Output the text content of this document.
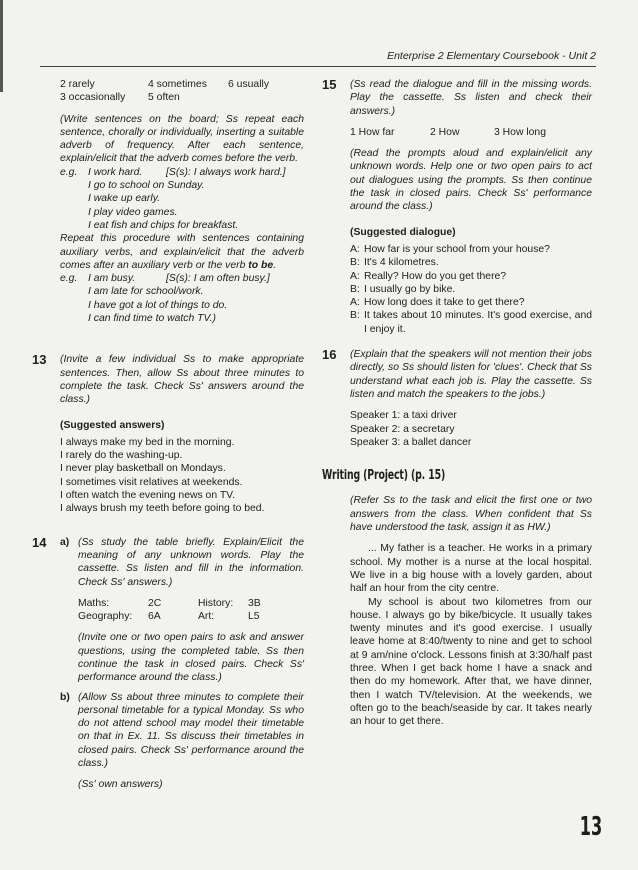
Enterprise 2 Elementary Coursebook - Unit 2
2 rarely	4 sometimes	6 usually
3 occasionally	5 often

(Write sentences on the board; Ss repeat each sentence, chorally or individually, inserting a suitable adverb of frequency. After each sentence, explain/elicit that the adverb comes before the verb.

e.g.	I work hard.	[S(s): I always work hard.]
I go to school on Sunday.
I wake up early.
I play video games.
I eat fish and chips for breakfast.

Repeat this procedure with sentences containing auxiliary verbs, and explain/elicit that the adverb comes after an auxiliary verb or the verb to be.

e.g.	I am busy.	[S(s): I am often busy.]
I am late for school/work.
I have got a lot of things to do.
I can find time to watch TV.)
13 (Invite a few individual Ss to make appropriate sentences. Then, allow Ss about three minutes to complete the task. Check Ss' answers around the class.)

(Suggested answers)
I always make my bed in the morning.
I rarely do the washing-up.
I never play basketball on Mondays.
I sometimes visit relatives at weekends.
I often watch the evening news on TV.
I always brush my teeth before going to bed.
14 a) (Ss study the table briefly. Explain/Elicit the meaning of any unknown words. Play the cassette. Ss listen and fill in the information. Check Ss' answers.)

Maths:	2C	History:	3B
Geography:	6A	Art:	L5

(Invite one or two open pairs to ask and answer questions, using the completed table. Ss then continue the task in closed pairs. Check Ss' performance around the class.)

b) (Allow Ss about three minutes to complete their personal timetable for a typical Monday. Ss who do not attend school may model their timetable on that in Ex. 11. Ss discuss their timetables in closed pairs. Check Ss' performance around the class.)

(Ss' own answers)

15 (Ss read the dialogue and fill in the missing words. Play the cassette. Ss listen and check their answers.)

1 How far	2 How	3 How long

(Read the prompts aloud and explain/elicit any unknown words. Help one or two open pairs to act out dialogues using the prompts. Ss then continue the task in closed pairs. Check Ss' performance around the class.)

(Suggested dialogue)
A: How far is your school from your house?
B: It's 4 kilometres.
A: Really? How do you get there?
B: I usually go by bike.
A: How long does it take to get there?
B: It takes about 10 minutes. It's good exercise, and I enjoy it.
16 (Explain that the speakers will not mention their jobs directly, so Ss should listen for 'clues'. Check that Ss understand what each job is. Play the cassette. Ss listen and match the speakers to the jobs.)

Speaker 1: a taxi driver
Speaker 2: a secretary
Speaker 3: a ballet dancer
Writing (Project) (p. 15)

(Refer Ss to the task and elicit the first one or two answers from the class. When confident that Ss have understood the task, assign it as HW.)

... My father is a teacher. He works in a primary school. My mother is a nurse at the local hospital. We live in a big house with a lovely garden, about half an hour from the city centre.

My school is about two kilometres from our house. I always go by bike/bicycle. It usually takes twenty minutes and it's good exercise. I usually leave home at 8:40/twenty to nine and get to school at 9 am/nine o'clock. Lessons finish at 3:30/half past three. When I get back home I have a snack and then do my homework. After that, we have dinner, then I watch TV/television. At the weekends, we often go to the beach/seaside by car. It takes nearly an hour to get there.

13
